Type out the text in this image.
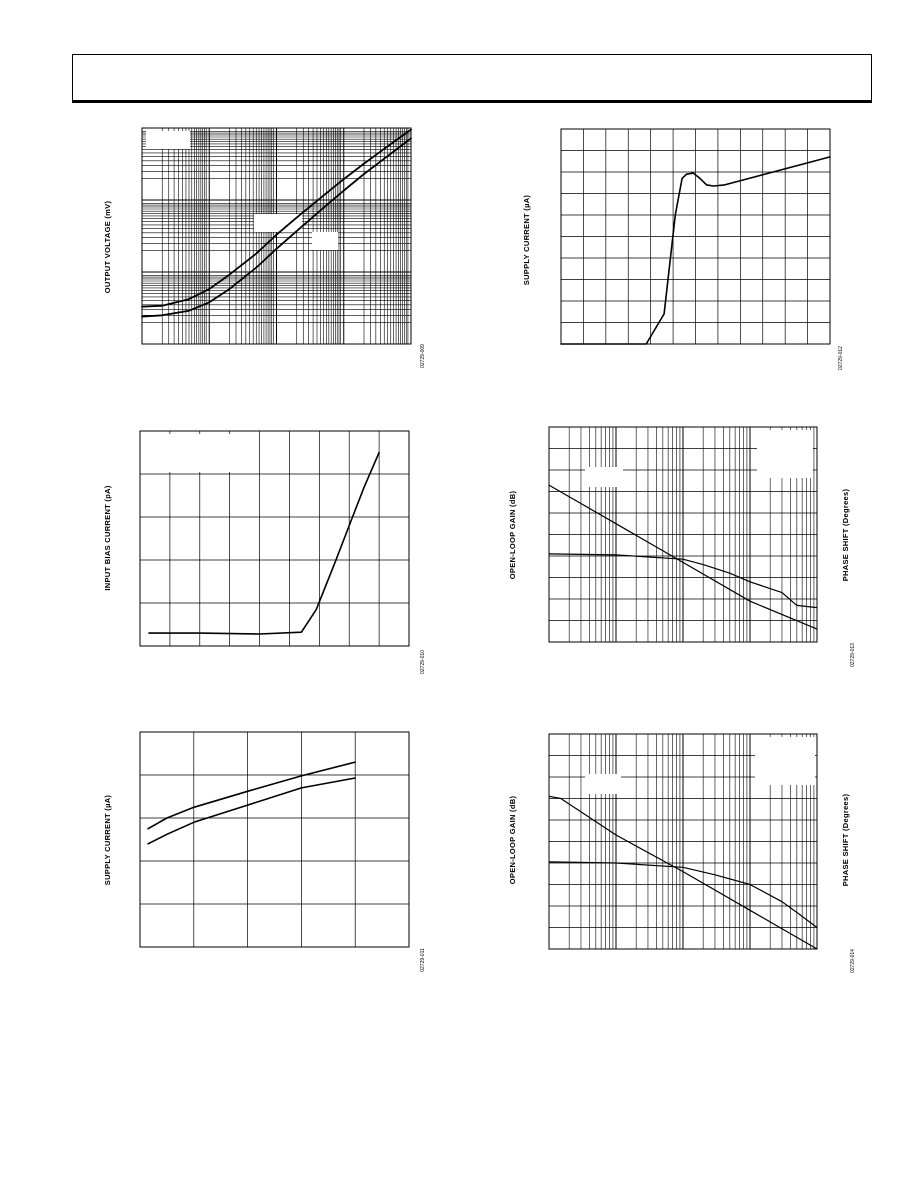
OUTPUT VOLTAGE (mV)
02729-009
SUPPLY CURRENT (µA)
02729-012
INPUT BIAS CURRENT (pA)
02729-010
SUPPLY CURRENT (µA)
02729-011
OPEN-LOOP GAIN (dB)	PHASE SHIFT (Degrees)
02729-013
OPEN-LOOP GAIN (dB)	PHASE SHIFT (Degrees)
02729-014
